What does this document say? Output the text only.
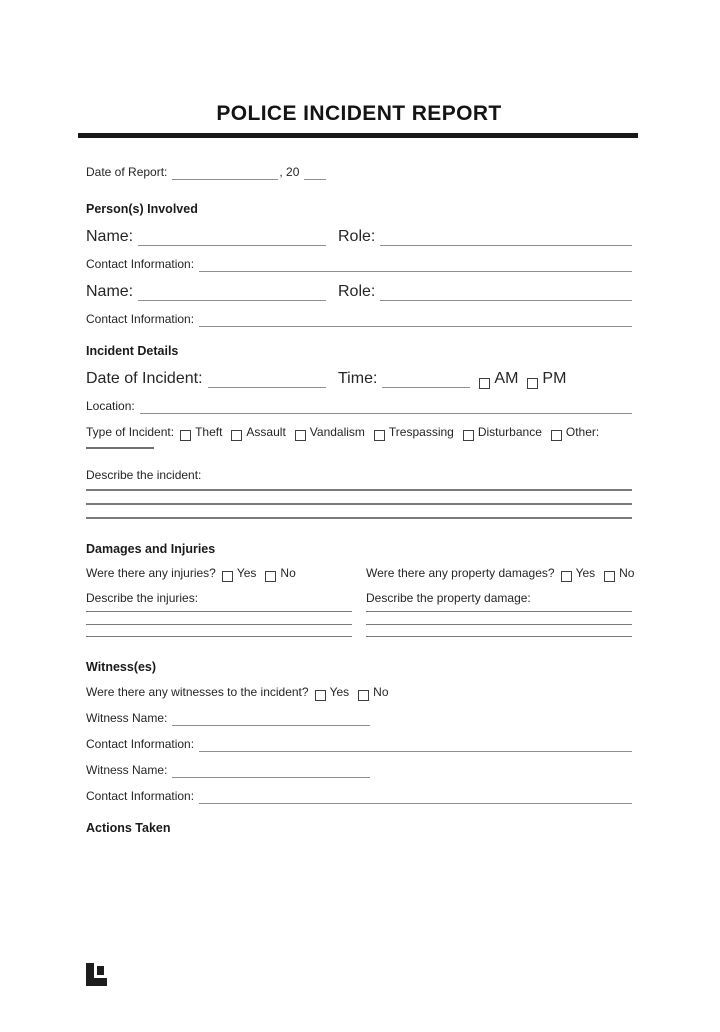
POLICE INCIDENT REPORT
Date of Report:	, 20
Person(s) Involved
Name:	Role:
Contact Information:
Name:	Role:
Contact Information:
Incident Details
Date of Incident:	Time:	AM PM
Location:
Type of Incident: Theft Assault Vandalism Trespassing Disturbance Other:
Describe the incident:
Damages and Injuries
Were there any injuries? Yes No	Were there any property damages? Yes No
Describe the injuries:	Describe the property damage:
Witness(es)
Were there any witnesses to the incident? Yes No
Witness Name:
Contact Information:
Witness Name:
Contact Information:
Actions Taken
